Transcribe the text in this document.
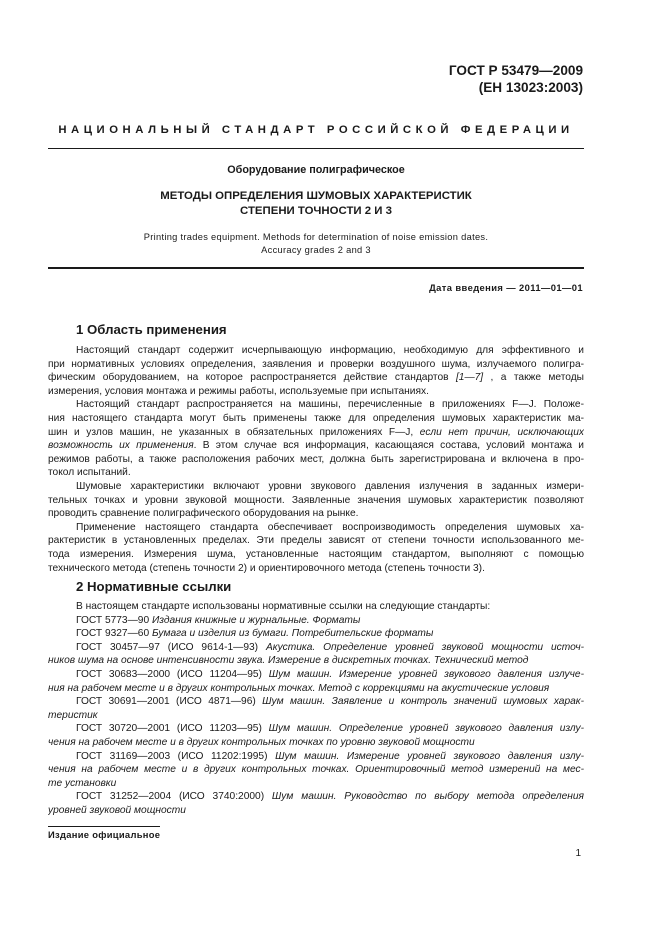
ГОСТ Р 53479—2009
(ЕН 13023:2003)
НАЦИОНАЛЬНЫЙ СТАНДАРТ РОССИЙСКОЙ ФЕДЕРАЦИИ
Оборудование полиграфическое
МЕТОДЫ ОПРЕДЕЛЕНИЯ ШУМОВЫХ ХАРАКТЕРИСТИК
СТЕПЕНИ ТОЧНОСТИ 2 И 3
Printing trades equipment. Methods for determination of noise emission dates.
Accuracy grades 2 and 3
Дата введения — 2011—01—01
1 Область применения
Настоящий стандарт содержит исчерпывающую информацию, необходимую для эффективного и
при нормативных условиях определения, заявления и проверки воздушного шума, излучаемого полигра-
фическим оборудованием, на которое распространяется действие стандартов [1—7] , а также методы
измерения, условия монтажа и режимы работы, используемые при испытаниях.
Настоящий стандарт распространяется на машины, перечисленные в приложениях F—J. Положе-
ния настоящего стандарта могут быть применены также для определения шумовых характеристик ма-
шин и узлов машин, не указанных в обязательных приложениях F—J, если нет причин, исключающих
возможность их применения. В этом случае вся информация, касающаяся состава, условий монтажа и
режимов работы, а также расположения рабочих мест, должна быть зарегистрирована и включена в про-
токол испытаний.
Шумовые характеристики включают уровни звукового давления излучения в заданных измери-
тельных точках и уровни звуковой мощности. Заявленные значения шумовых характеристик позволяют
проводить сравнение полиграфического оборудования на рынке.
Применение настоящего стандарта обеспечивает воспроизводимость определения шумовых ха-
рактеристик в установленных пределах. Эти пределы зависят от степени точности использованного ме-
тода измерения. Измерения шума, установленные настоящим стандартом, выполняют с помощью
технического метода (степень точности 2) и ориентировочного метода (степень точности 3).
2 Нормативные ссылки
В настоящем стандарте использованы нормативные ссылки на следующие стандарты:
ГОСТ 5773—90 Издания книжные и журнальные. Форматы
ГОСТ 9327—60 Бумага и изделия из бумаги. Потребительские форматы
ГОСТ 30457—97 (ИСО 9614-1—93) Акустика. Определение уровней звуковой мощности источ-
ников шума на основе интенсивности звука. Измерение в дискретных точках. Технический метод
ГОСТ 30683—2000 (ИСО 11204—95) Шум машин. Измерение уровней звукового давления излуче-
ния на рабочем месте и в других контрольных точках. Метод с коррекциями на акустические условия
ГОСТ 30691—2001 (ИСО 4871—96) Шум машин. Заявление и контроль значений шумовых харак-
теристик
ГОСТ 30720—2001 (ИСО 11203—95) Шум машин. Определение уровней звукового давления излу-
чения на рабочем месте и в других контрольных точках по уровню звуковой мощности
ГОСТ 31169—2003 (ИСО 11202:1995) Шум машин. Измерение уровней звукового давления излу-
чения на рабочем месте и в других контрольных точках. Ориентировочный метод измерений на мес-
те установки
ГОСТ 31252—2004 (ИСО 3740:2000) Шум машин. Руководство по выбору метода определения
уровней звуковой мощности
Издание официальное
1
